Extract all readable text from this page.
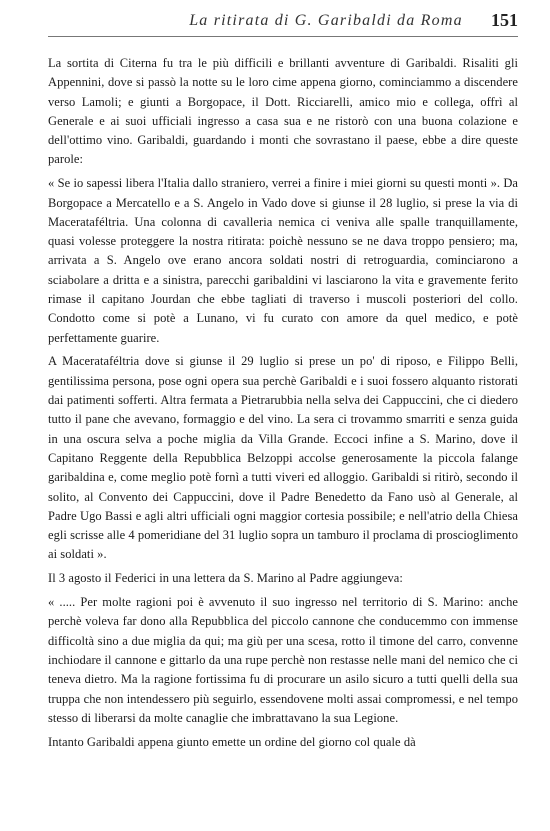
La ritirata di G. Garibaldi da Roma	151

La sortita di Citerna fu tra le più difficili e brillanti avventure di Garibaldi. Risaliti gli Appennini, dove si passò la notte su le loro cime appena giorno, cominciammo a discendere verso Lamoli; e giunti a Borgopace, il Dott. Ricciarelli, amico mio e collega, offrì al Generale e ai suoi ufficiali ingresso a casa sua e ne ristorò con una buona colazione e dell'ottimo vino. Garibaldi, guardando i monti che sovrastano il paese, ebbe a dire queste parole:

« Se io sapessi libera l'Italia dallo straniero, verrei a finire i miei giorni su questi monti ». Da Borgopace a Mercatello e a S. Angelo in Vado dove si giunse il 28 luglio, si prese la via di Macerataféltria. Una colonna di cavalleria nemica ci veniva alle spalle tranquillamente, quasi volesse proteggere la nostra ritirata: poichè nessuno se ne dava troppo pensiero; ma, arrivata a S. Angelo ove erano ancora soldati nostri di retroguardia, cominciarono a sciabolare a dritta e a sinistra, parecchi garibaldini vi lasciarono la vita e gravemente ferito rimase il capitano Jourdan che ebbe tagliati di traverso i muscoli posteriori del collo. Condotto come si potè a Lunano, vi fu curato con amore da quel medico, e potè perfettamente guarire.

A Macerataféltria dove si giunse il 29 luglio si prese un po' di riposo, e Filippo Belli, gentilissima persona, pose ogni opera sua perchè Garibaldi e i suoi fossero alquanto ristorati dai patimenti sofferti. Altra fermata a Pietrarubbia nella selva dei Cappuccini, che ci diedero tutto il pane che avevano, formaggio e del vino. La sera ci trovammo smarriti e senza guida in una oscura selva a poche miglia da Villa Grande. Eccoci infine a S. Marino, dove il Capitano Reggente della Repubblica Belzoppi accolse generosamente la piccola falange garibaldina e, come meglio potè fornì a tutti viveri ed alloggio. Garibaldi si ritirò, secondo il solito, al Convento dei Cappuccini, dove il Padre Benedetto da Fano usò al Generale, al Padre Ugo Bassi e agli altri ufficiali ogni maggior cortesia possibile; e nell'atrio della Chiesa egli scrisse alle 4 pomeridiane del 31 luglio sopra un tamburo il proclama di proscioglimento ai soldati ».

Il 3 agosto il Federici in una lettera da S. Marino al Padre aggiungeva:

« ..... Per molte ragioni poi è avvenuto il suo ingresso nel territorio di S. Marino: anche perchè voleva far dono alla Repubblica del piccolo cannone che conducemmo con immense difficoltà sino a due miglia da qui; ma giù per una scesa, rotto il timone del carro, convenne inchiodare il cannone e gittarlo da una rupe perchè non restasse nelle mani del nemico che ci teneva dietro. Ma la ragione fortissima fu di procurare un asilo sicuro a tutti quelli della sua truppa che non intendessero più seguirlo, essendovene molti assai compromessi, e nel tempo stesso di liberarsi da molte canaglie che imbrattavano la sua Legione.

Intanto Garibaldi appena giunto emette un ordine del giorno col quale dà
